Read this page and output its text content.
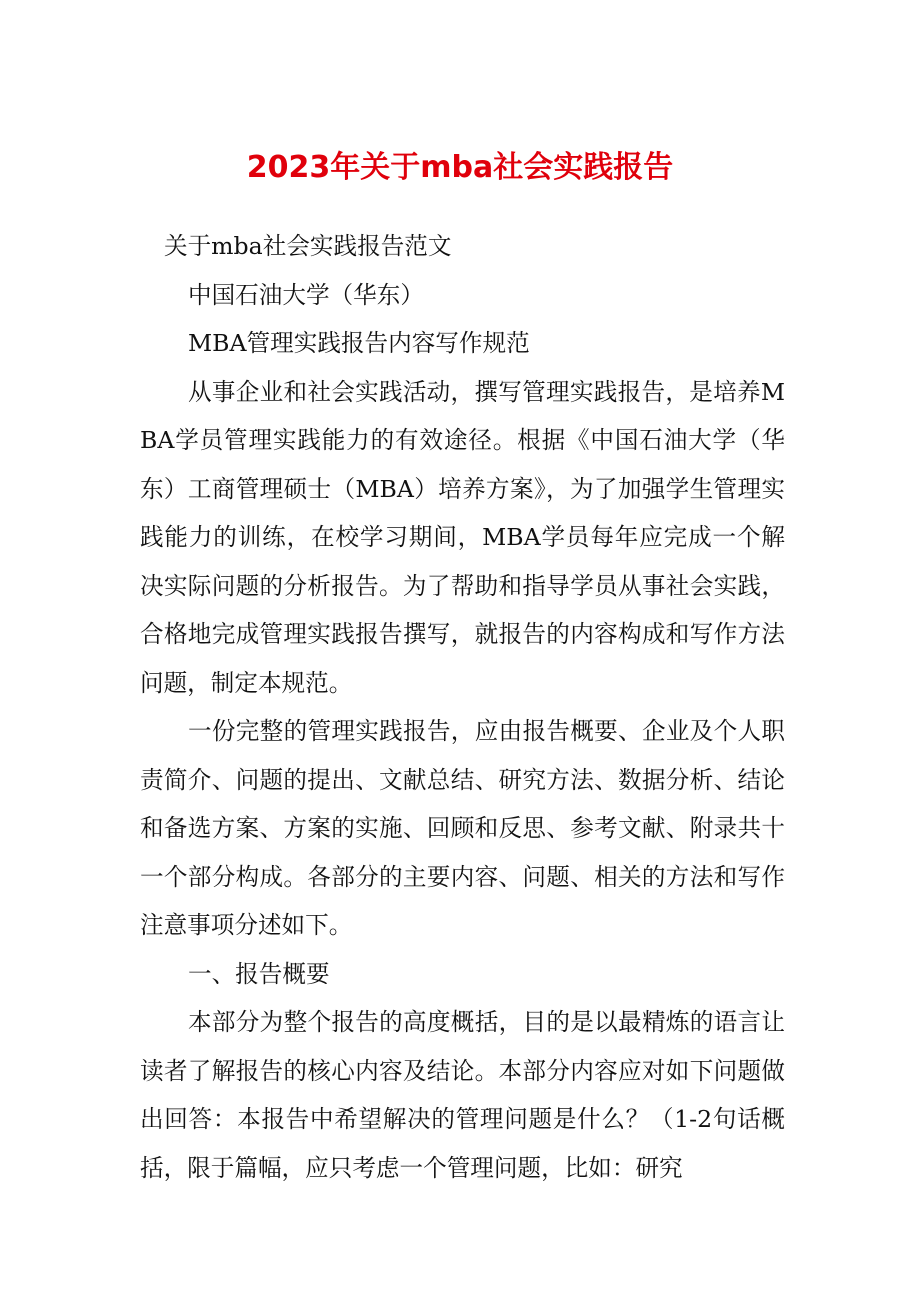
2023年关于mba社会实践报告

关于mba社会实践报告范文

中国石油大学（华东）

MBA管理实践报告内容写作规范

从事企业和社会实践活动，撰写管理实践报告，是培养MBA学员管理实践能力的有效途径。根据《中国石油大学（华东）工商管理硕士（MBA）培养方案》，为了加强学生管理实践能力的训练，在校学习期间，MBA学员每年应完成一个解决实际问题的分析报告。为了帮助和指导学员从事社会实践，合格地完成管理实践报告撰写，就报告的内容构成和写作方法问题，制定本规范。

一份完整的管理实践报告，应由报告概要、企业及个人职责简介、问题的提出、文献总结、研究方法、数据分析、结论和备选方案、方案的实施、回顾和反思、参考文献、附录共十一个部分构成。各部分的主要内容、问题、相关的方法和写作注意事项分述如下。

一、报告概要

本部分为整个报告的高度概括，目的是以最精炼的语言让读者了解报告的核心内容及结论。本部分内容应对如下问题做出回答：本报告中希望解决的管理问题是什么？（1-2句话概括，限于篇幅，应只考虑一个管理问题，比如：研究
